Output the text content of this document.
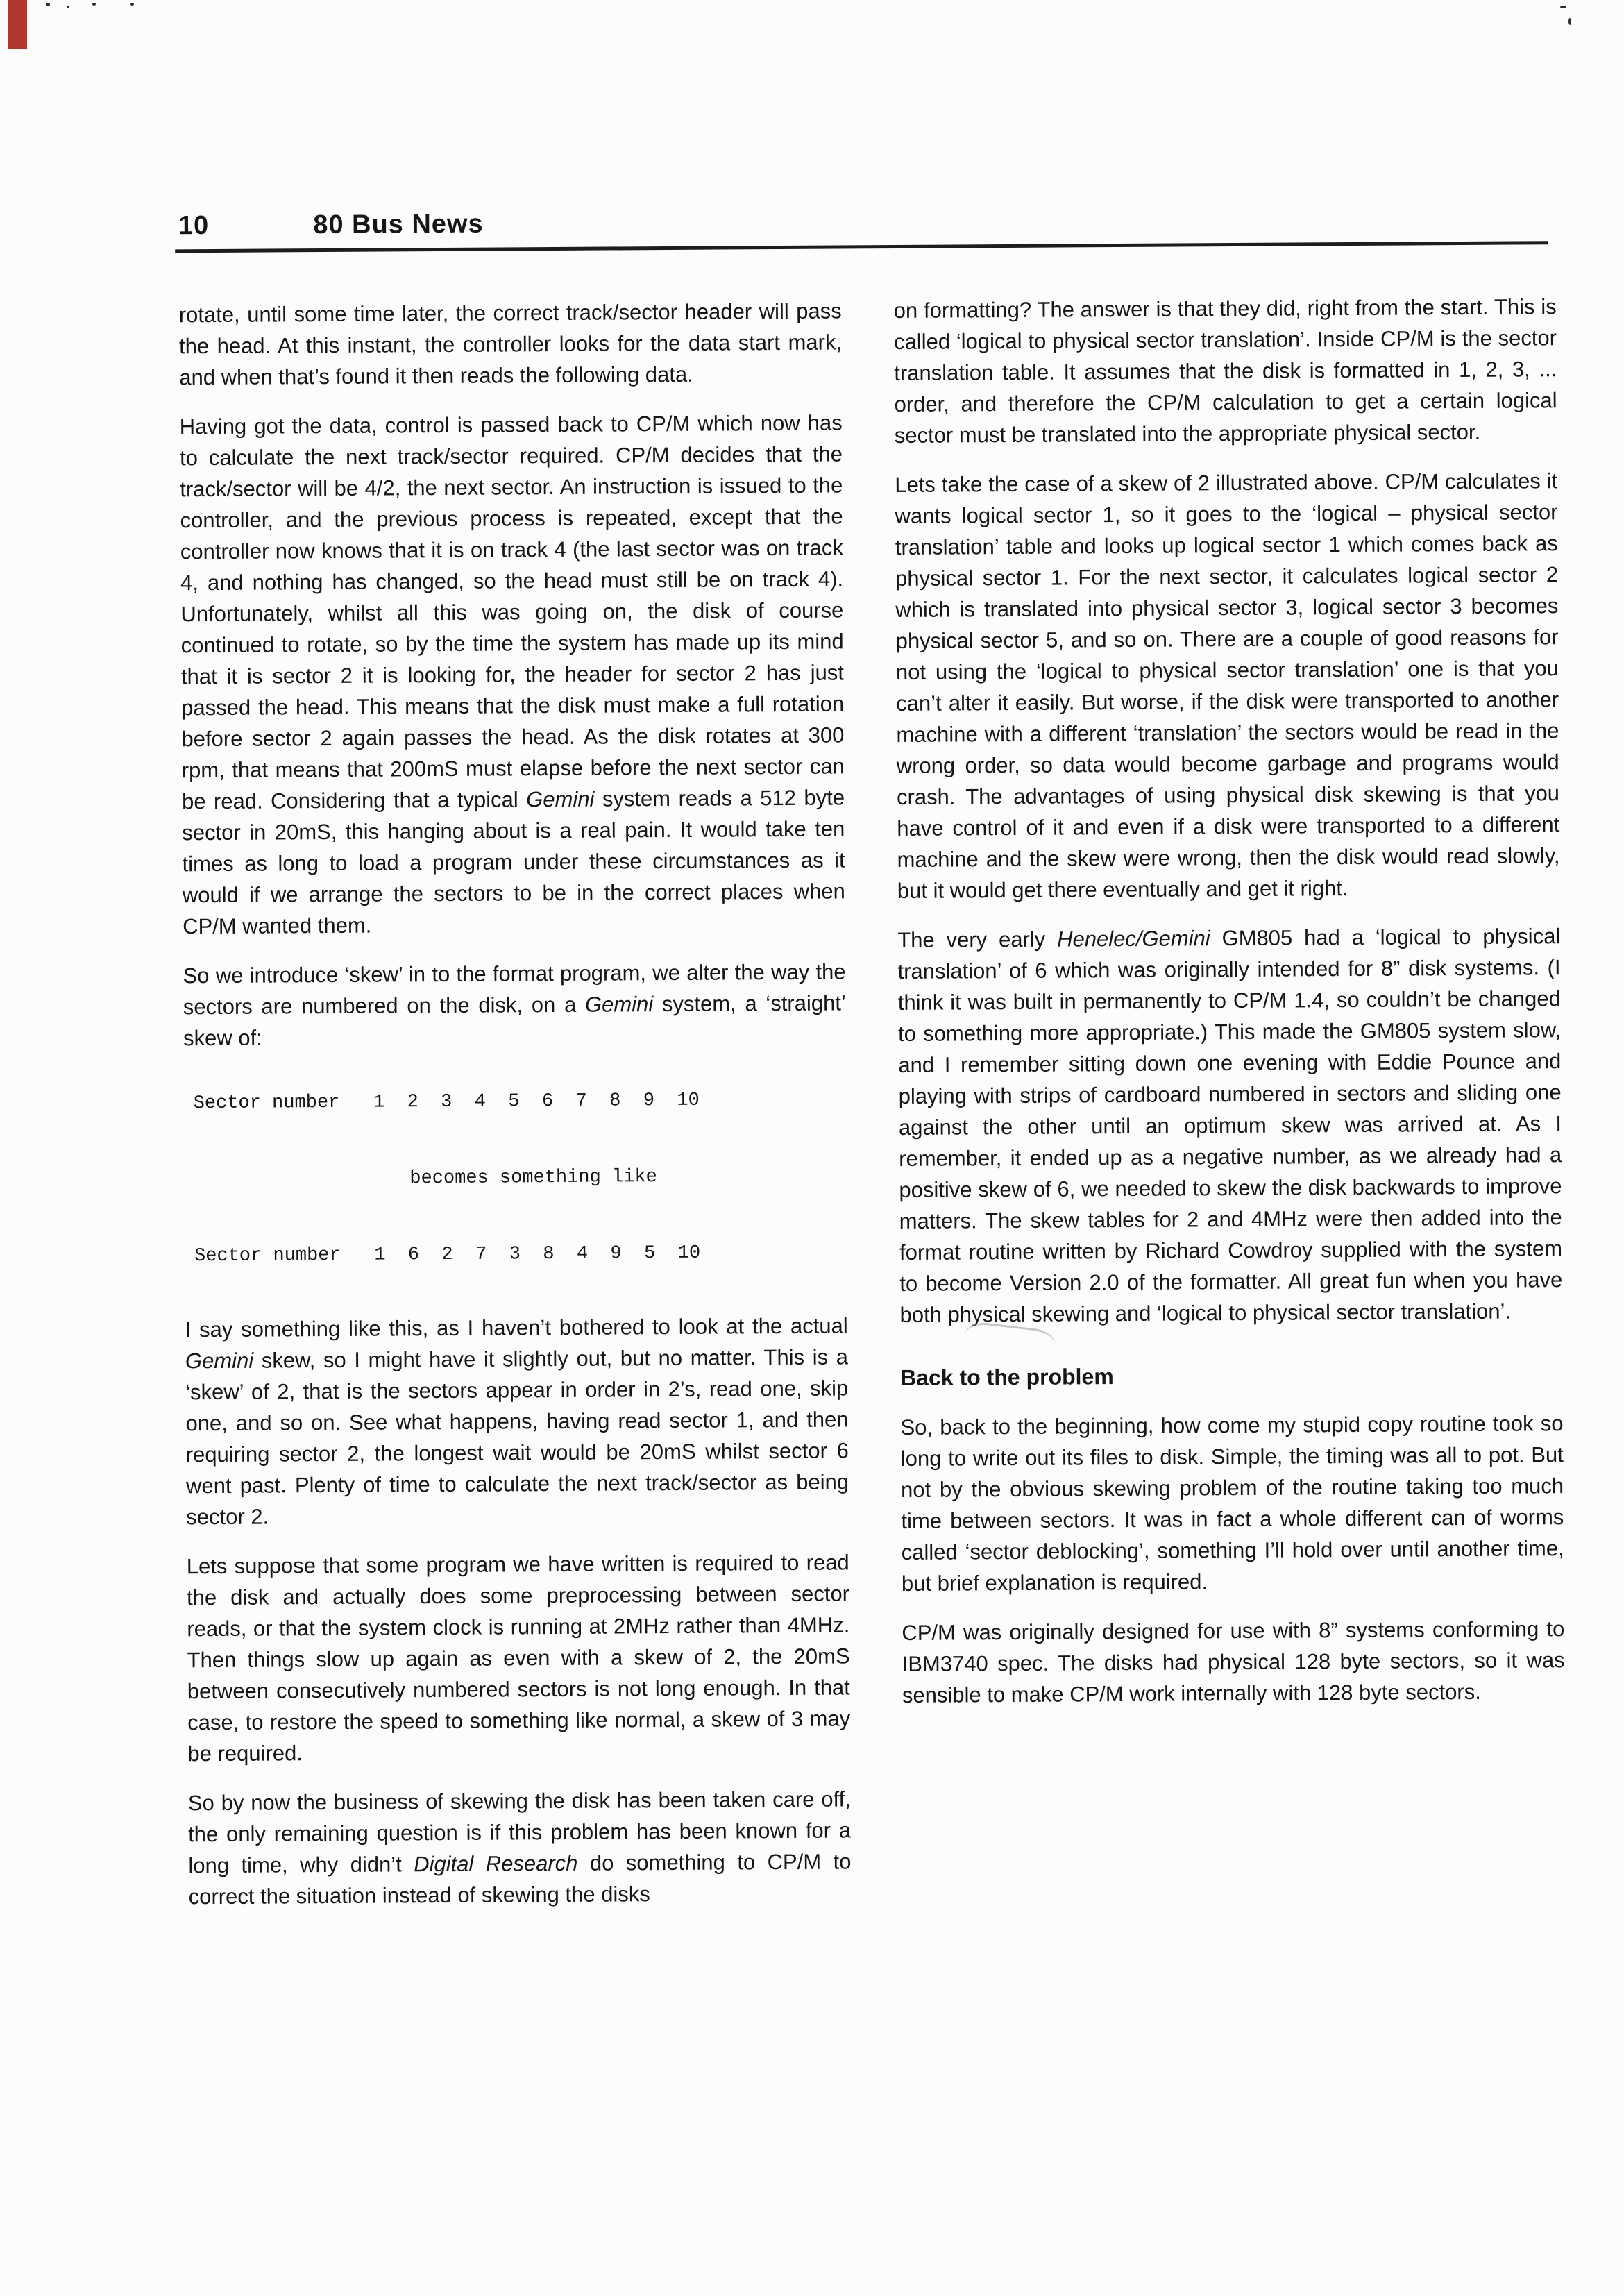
10	80 Bus News

rotate, until some time later, the correct track/sector header will pass the head. At this instant, the controller looks for the data start mark, and when that’s found it then reads the following data.

Having got the data, control is passed back to CP/M which now has to calculate the next track/sector required. CP/M decides that the track/sector will be 4/2, the next sector. An instruction is issued to the controller, and the previous process is repeated, except that the controller now knows that it is on track 4 (the last sector was on track 4, and nothing has changed, so the head must still be on track 4). Unfortunately, whilst all this was going on, the disk of course continued to rotate, so by the time the system has made up its mind that it is sector 2 it is looking for, the header for sector 2 has just passed the head. This means that the disk must make a full rotation before sector 2 again passes the head. As the disk rotates at 300 rpm, that means that 200mS must elapse before the next sector can be read. Considering that a typical Gemini system reads a 512 byte sector in 20mS, this hanging about is a real pain. It would take ten times as long to load a program under these circumstances as it would if we arrange the sectors to be in the correct places when CP/M wanted them.

So we introduce ‘skew’ in to the format program, we alter the way the sectors are numbered on the disk, on a Gemini system, a ‘straight’ skew of:

Sector number   1  2  3  4  5  6  7  8  9  10
becomes something like
Sector number   1  6  2  7  3  8  4  9  5  10

I say something like this, as I haven’t bothered to look at the actual Gemini skew, so I might have it slightly out, but no matter. This is a ‘skew’ of 2, that is the sectors appear in order in 2’s, read one, skip one, and so on. See what happens, having read sector 1, and then requiring sector 2, the longest wait would be 20mS whilst sector 6 went past. Plenty of time to calculate the next track/sector as being sector 2.

Lets suppose that some program we have written is required to read the disk and actually does some preprocessing between sector reads, or that the system clock is running at 2MHz rather than 4MHz. Then things slow up again as even with a skew of 2, the 20mS between consecutively numbered sectors is not long enough. In that case, to restore the speed to something like normal, a skew of 3 may be required.

So by now the business of skewing the disk has been taken care off, the only remaining question is if this problem has been known for a long time, why didn’t Digital Research do something to CP/M to correct the situation instead of skewing the disks

on formatting? The answer is that they did, right from the start. This is called ‘logical to physical sector translation’. Inside CP/M is the sector translation table. It assumes that the disk is formatted in 1, 2, 3, ... order, and therefore the CP/M calculation to get a certain logical sector must be translated into the appropriate physical sector.

Lets take the case of a skew of 2 illustrated above. CP/M calculates it wants logical sector 1, so it goes to the ‘logical – physical sector translation’ table and looks up logical sector 1 which comes back as physical sector 1. For the next sector, it calculates logical sector 2 which is translated into physical sector 3, logical sector 3 becomes physical sector 5, and so on. There are a couple of good reasons for not using the ‘logical to physical sector translation’ one is that you can’t alter it easily. But worse, if the disk were transported to another machine with a different ‘translation’ the sectors would be read in the wrong order, so data would become garbage and programs would crash. The advantages of using physical disk skewing is that you have control of it and even if a disk were transported to a different machine and the skew were wrong, then the disk would read slowly, but it would get there eventually and get it right.

The very early Henelec/Gemini GM805 had a ‘logical to physical translation’ of 6 which was originally intended for 8” disk systems. (I think it was built in permanently to CP/M 1.4, so couldn’t be changed to something more appropriate.) This made the GM805 system slow, and I remember sitting down one evening with Eddie Pounce and playing with strips of cardboard numbered in sectors and sliding one against the other until an optimum skew was arrived at. As I remember, it ended up as a negative number, as we already had a positive skew of 6, we needed to skew the disk backwards to improve matters. The skew tables for 2 and 4MHz were then added into the format routine written by Richard Cowdroy supplied with the system to become Version 2.0 of the formatter. All great fun when you have both physical skewing and ‘logical to physical sector translation’.

Back to the problem

So, back to the beginning, how come my stupid copy routine took so long to write out its files to disk. Simple, the timing was all to pot. But not by the obvious skewing problem of the routine taking too much time between sectors. It was in fact a whole different can of worms called ‘sector deblocking’, something I’ll hold over until another time, but brief explanation is required.

CP/M was originally designed for use with 8” systems conforming to IBM3740 spec. The disks had physical 128 byte sectors, so it was sensible to make CP/M work internally with 128 byte sectors.
